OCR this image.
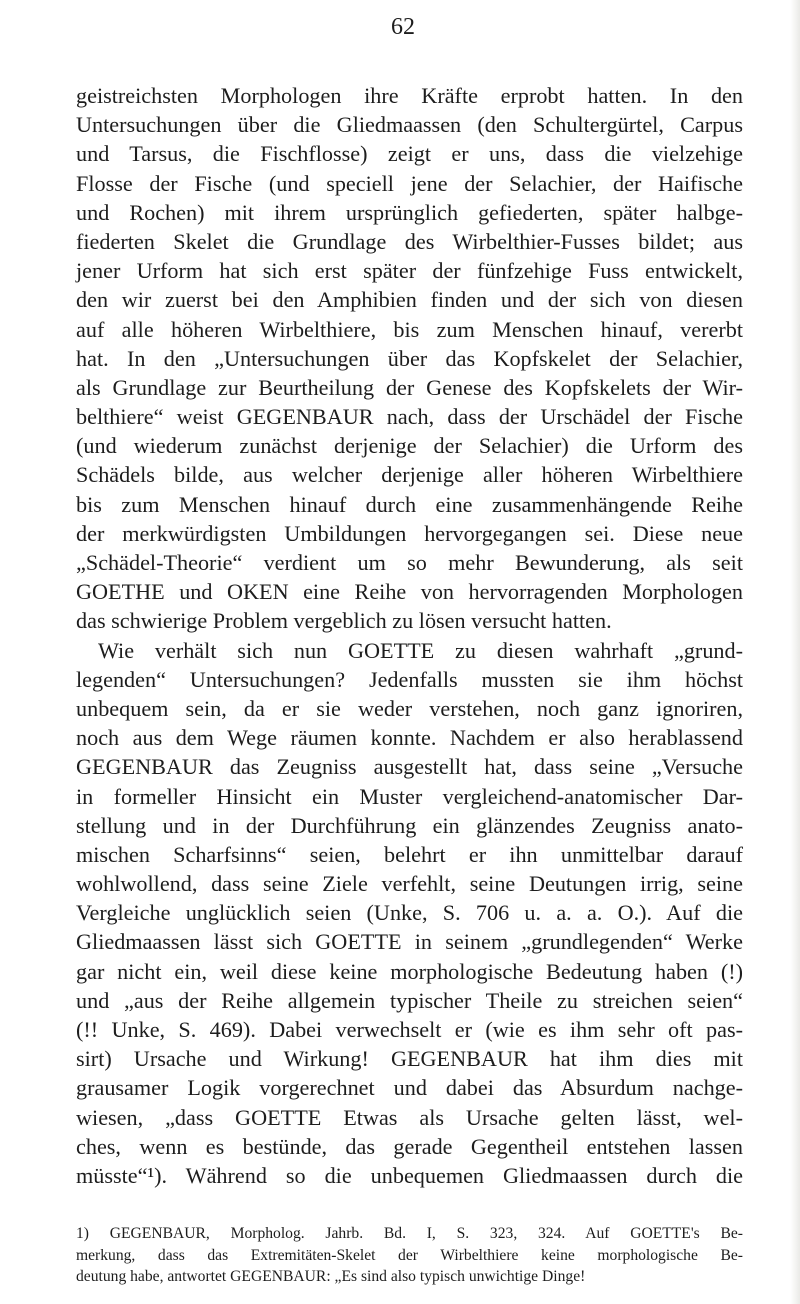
62
geistreichsten Morphologen ihre Kräfte erprobt hatten. In den
Untersuchungen über die Gliedmaassen (den Schultergürtel, Carpus
und Tarsus, die Fischflosse) zeigt er uns, dass die vielzehige
Flosse der Fische (und speciell jene der Selachier, der Haifische
und Rochen) mit ihrem ursprünglich gefiederten, später halbge-
fiederten Skelet die Grundlage des Wirbelthier-Fusses bildet; aus
jener Urform hat sich erst später der fünfzehige Fuss entwickelt,
den wir zuerst bei den Amphibien finden und der sich von diesen
auf alle höheren Wirbelthiere, bis zum Menschen hinauf, vererbt
hat. In den „Untersuchungen über das Kopfskelet der Selachier,
als Grundlage zur Beurtheilung der Genese des Kopfskelets der Wir-
belthiere“ weist GEGENBAUR nach, dass der Urschädel der Fische
(und wiederum zunächst derjenige der Selachier) die Urform des
Schädels bilde, aus welcher derjenige aller höheren Wirbelthiere
bis zum Menschen hinauf durch eine zusammenhängende Reihe
der merkwürdigsten Umbildungen hervorgegangen sei. Diese neue
„Schädel-Theorie“ verdient um so mehr Bewunderung, als seit
GOETHE und OKEN eine Reihe von hervorragenden Morphologen
das schwierige Problem vergeblich zu lösen versucht hatten.
Wie verhält sich nun GOETTE zu diesen wahrhaft „grund-
legenden“ Untersuchungen? Jedenfalls mussten sie ihm höchst
unbequem sein, da er sie weder verstehen, noch ganz ignoriren,
noch aus dem Wege räumen konnte. Nachdem er also herablassend
GEGENBAUR das Zeugniss ausgestellt hat, dass seine „Versuche
in formeller Hinsicht ein Muster vergleichend-anatomischer Dar-
stellung und in der Durchführung ein glänzendes Zeugniss anato-
mischen Scharfsinns“ seien, belehrt er ihn unmittelbar darauf
wohlwollend, dass seine Ziele verfehlt, seine Deutungen irrig, seine
Vergleiche unglücklich seien (Unke, S. 706 u. a. a. O.). Auf die
Gliedmaassen lässt sich GOETTE in seinem „grundlegenden“ Werke
gar nicht ein, weil diese keine morphologische Bedeutung haben (!)
und „aus der Reihe allgemein typischer Theile zu streichen seien“
(!! Unke, S. 469). Dabei verwechselt er (wie es ihm sehr oft pas-
sirt) Ursache und Wirkung! GEGENBAUR hat ihm dies mit
grausamer Logik vorgerechnet und dabei das Absurdum nachge-
wiesen, „dass GOETTE Etwas als Ursache gelten lässt, wel-
ches, wenn es bestünde, das gerade Gegentheil entstehen lassen
müsste“¹). Während so die unbequemen Gliedmaassen durch die
1) GEGENBAUR, Morpholog. Jahrb. Bd. I, S. 323, 324. Auf GOETTE's Be-
merkung, dass das Extremitäten-Skelet der Wirbelthiere keine morphologische Be-
deutung habe, antwortet GEGENBAUR: „Es sind also typisch unwichtige Dinge!
